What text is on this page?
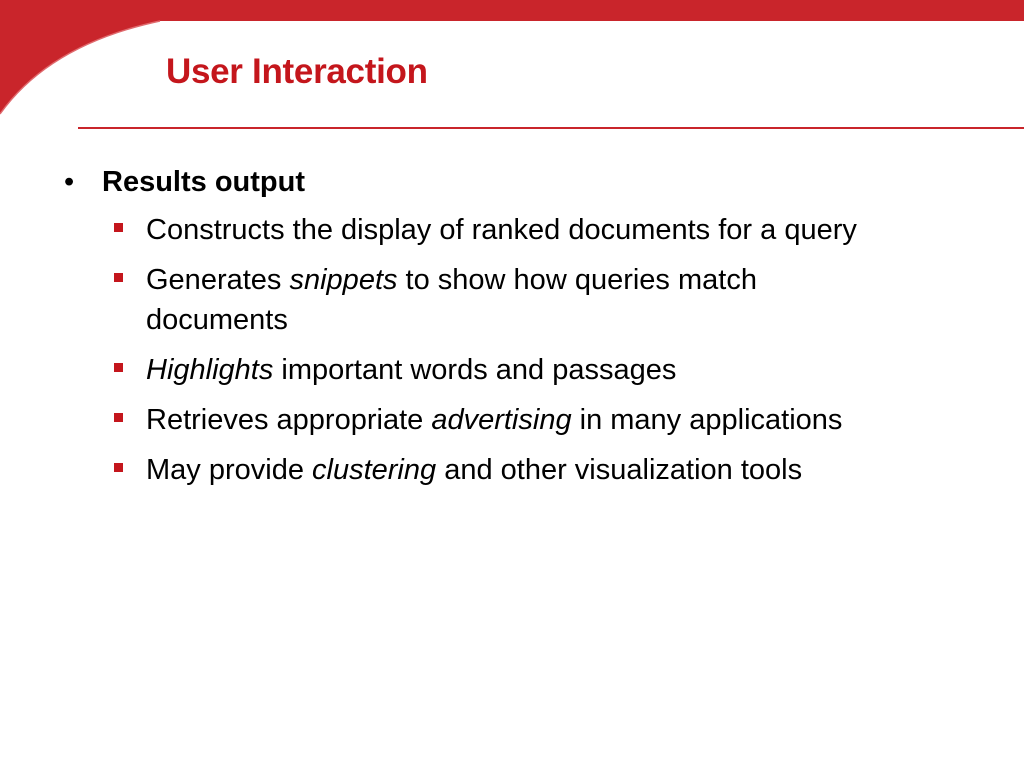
User Interaction
• Results output
Constructs the display of ranked documents for a query
Generates snippets to show how queries match documents
Highlights important words and passages
Retrieves appropriate advertising in many applications
May provide clustering and other visualization tools
